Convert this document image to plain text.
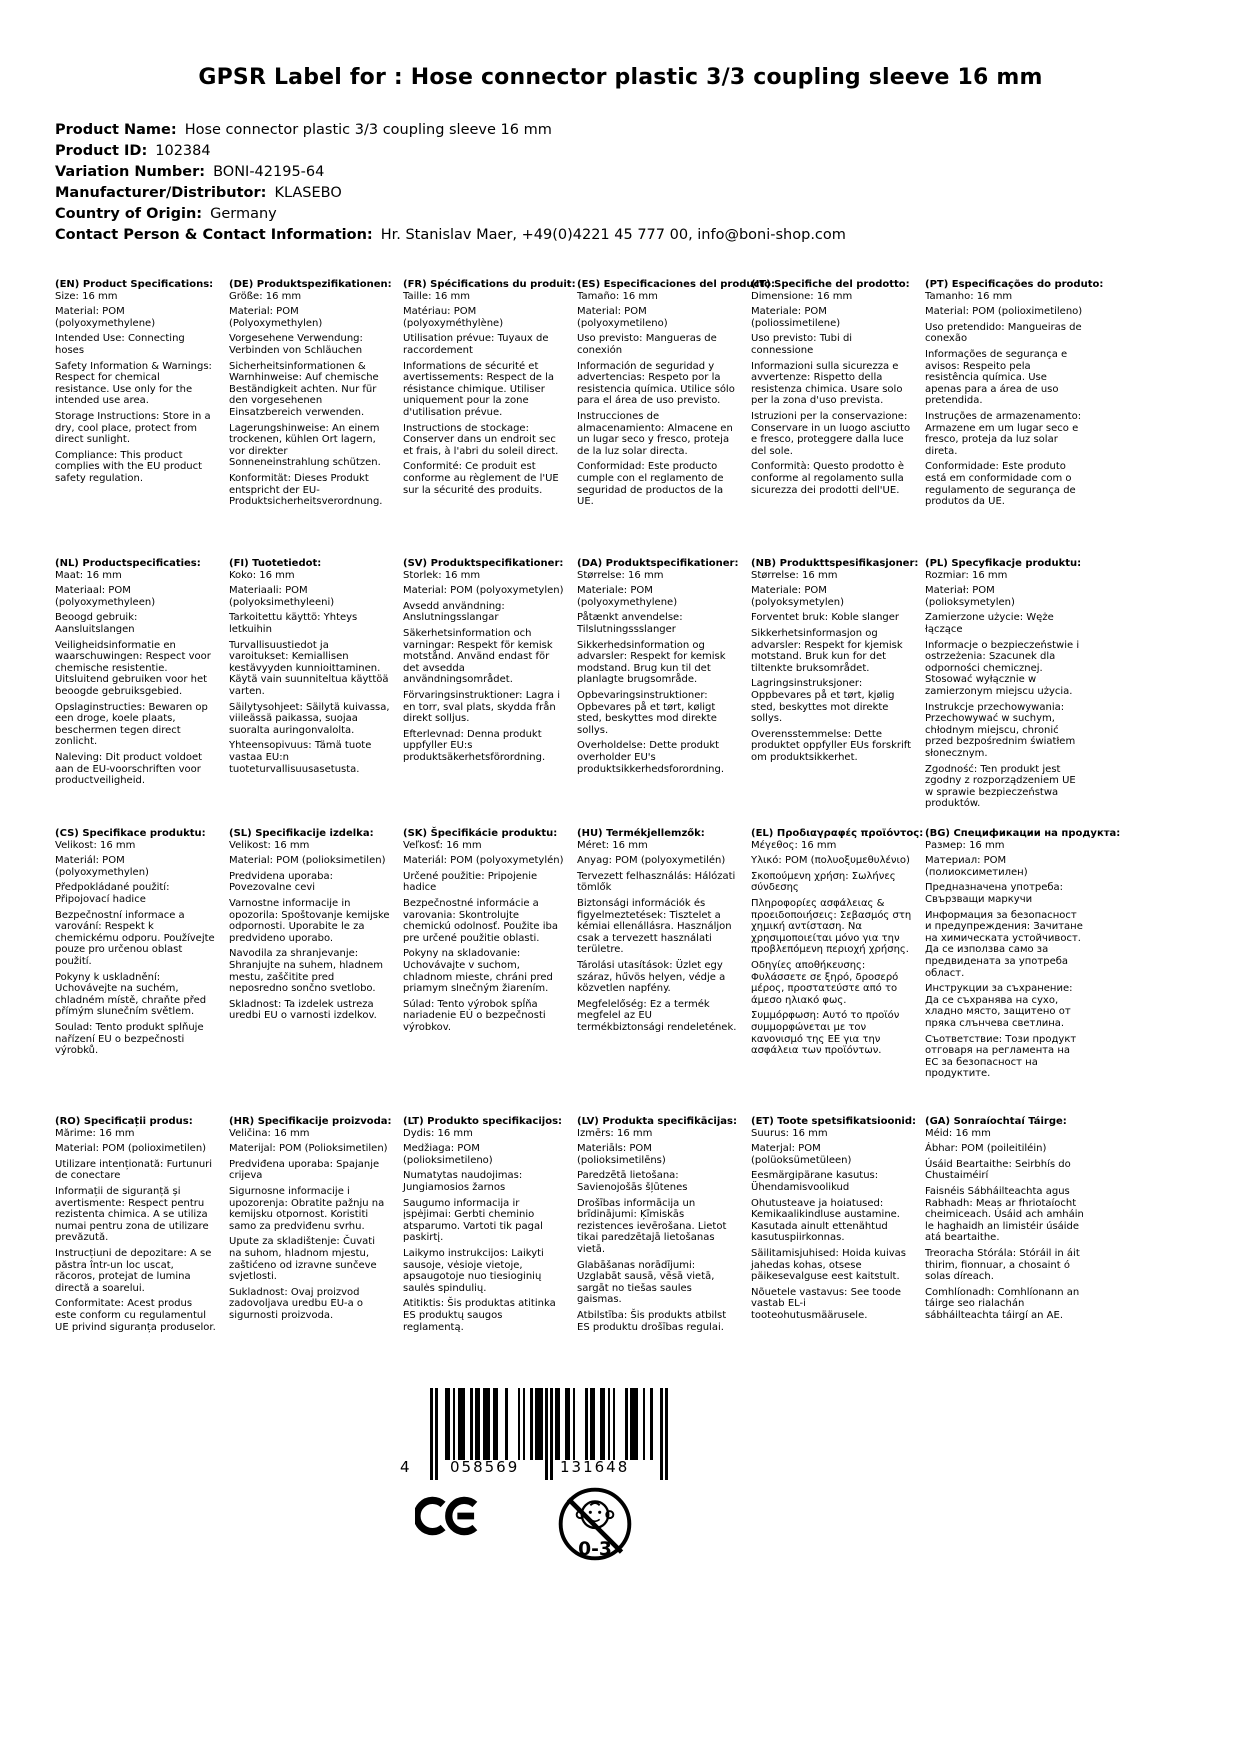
GPSR Label for : Hose connector plastic 3/3 coupling sleeve 16 mm
Product Name: Hose connector plastic 3/3 coupling sleeve 16 mm
Product ID: 102384
Variation Number: BONI-42195-64
Manufacturer/Distributor: KLASEBO
Country of Origin: Germany
Contact Person & Contact Information: Hr. Stanislav Maer, +49(0)4221 45 777 00, info@boni-shop.com
(EN) Product Specifications:

Size: 16 mm

Material: POM (polyoxymethylene)

Intended Use: Connecting hoses

Safety Information & Warnings: Respect for chemical resistance. Use only for the intended use area.

Storage Instructions: Store in a dry, cool place, protect from direct sunlight.

Compliance: This product complies with the EU product safety regulation.

(DE) Produktspezifikationen:

Größe: 16 mm

Material: POM (Polyoxymethylen)

Vorgesehene Verwendung: Verbinden von Schläuchen

Sicherheitsinformationen & Warnhinweise: Auf chemische Beständigkeit achten. Nur für den vorgesehenen Einsatzbereich verwenden.

Lagerungshinweise: An einem trockenen, kühlen Ort lagern, vor direkter Sonneneinstrahlung schützen.

Konformität: Dieses Produkt entspricht der EU-Produktsicherheitsverordnung.

(FR) Spécifications du produit:

Taille: 16 mm

Matériau: POM (polyoxyméthylène)

Utilisation prévue: Tuyaux de raccordement

Informations de sécurité et avertissements: Respect de la résistance chimique. Utiliser uniquement pour la zone d'utilisation prévue.

Instructions de stockage: Conserver dans un endroit sec et frais, à l'abri du soleil direct.

Conformité: Ce produit est conforme au règlement de l'UE sur la sécurité des produits.

(ES) Especificaciones del producto:

Tamaño: 16 mm

Material: POM (polyoxymetileno)

Uso previsto: Mangueras de conexión

Información de seguridad y advertencias: Respeto por la resistencia química. Utilice sólo para el área de uso previsto.

Instrucciones de almacenamiento: Almacene en un lugar seco y fresco, proteja de la luz solar directa.

Conformidad: Este producto cumple con el reglamento de seguridad de productos de la UE.

(IT) Specifiche del prodotto:

Dimensione: 16 mm

Materiale: POM (poliossimetilene)

Uso previsto: Tubi di connessione

Informazioni sulla sicurezza e avvertenze: Rispetto della resistenza chimica. Usare solo per la zona d'uso prevista.

Istruzioni per la conservazione: Conservare in un luogo asciutto e fresco, proteggere dalla luce del sole.

Conformità: Questo prodotto è conforme al regolamento sulla sicurezza dei prodotti dell'UE.

(PT) Especificações do produto:

Tamanho: 16 mm

Material: POM (polioximetileno)

Uso pretendido: Mangueiras de conexão

Informações de segurança e avisos: Respeito pela resistência química. Use apenas para a área de uso pretendida.

Instruções de armazenamento: Armazene em um lugar seco e fresco, proteja da luz solar direta.

Conformidade: Este produto está em conformidade com o regulamento de segurança de produtos da UE.

(NL) Productspecificaties:

Maat: 16 mm

Materiaal: POM (polyoxymethyleen)

Beoogd gebruik: Aansluitslangen

Veiligheidsinformatie en waarschuwingen: Respect voor chemische resistentie. Uitsluitend gebruiken voor het beoogde gebruiksgebied.

Opslaginstructies: Bewaren op een droge, koele plaats, beschermen tegen direct zonlicht.

Naleving: Dit product voldoet aan de EU-voorschriften voor productveiligheid.

(FI) Tuotetiedot:

Koko: 16 mm

Materiaali: POM (polyoksimethyleeni)

Tarkoitettu käyttö: Yhteys letkuihin

Turvallisuustiedot ja varoitukset: Kemiallisen kestävyyden kunnioittaminen. Käytä vain suunniteltua käyttöä varten.

Säilytysohjeet: Säilytä kuivassa, viileässä paikassa, suojaa suoralta auringonvalolta.

Yhteensopivuus: Tämä tuote vastaa EU:n tuoteturvallisuusasetusta.

(SV) Produktspecifikationer:

Storlek: 16 mm

Material: POM (polyoxymetylen)

Avsedd användning: Anslutningsslangar

Säkerhetsinformation och varningar: Respekt för kemisk motstånd. Använd endast för det avsedda användningsområdet.

Förvaringsinstruktioner: Lagra i en torr, sval plats, skydda från direkt solljus.

Efterlevnad: Denna produkt uppfyller EU:s produktsäkerhetsförordning.

(DA) Produktspecifikationer:

Størrelse: 16 mm

Materiale: POM (polyoxymethylene)

Påtænkt anvendelse: Tilslutningssslanger

Sikkerhedsinformation og advarsler: Respekt for kemisk modstand. Brug kun til det planlagte brugsområde.

Opbevaringsinstruktioner: Opbevares på et tørt, køligt sted, beskyttes mod direkte sollys.

Overholdelse: Dette produkt overholder EU's produktsikkerhedsforordning.

(NB) Produkttspesifikasjoner:

Størrelse: 16 mm

Materiale: POM (polyoksymetylen)

Forventet bruk: Koble slanger

Sikkerhetsinformasjon og advarsler: Respekt for kjemisk motstand. Bruk kun for det tiltenkte bruksområdet.

Lagringsinstruksjoner: Oppbevares på et tørt, kjølig sted, beskyttes mot direkte sollys.

Overensstemmelse: Dette produktet oppfyller EUs forskrift om produktsikkerhet.

(PL) Specyfikacje produktu:

Rozmiar: 16 mm

Materiał: POM (polioksymetylen)

Zamierzone użycie: Węże łączące

Informacje o bezpieczeństwie i ostrzeżenia: Szacunek dla odporności chemicznej. Stosować wyłącznie w zamierzonym miejscu użycia.

Instrukcje przechowywania: Przechowywać w suchym, chłodnym miejscu, chronić przed bezpośrednim światłem słonecznym.

Zgodność: Ten produkt jest zgodny z rozporządzeniem UE w sprawie bezpieczeństwa produktów.

(CS) Specifikace produktu:

Velikost: 16 mm

Materiál: POM (polyoxymethylen)

Předpokládané použití: Připojovací hadice

Bezpečnostní informace a varování: Respekt k chemickému odporu. Používejte pouze pro určenou oblast použití.

Pokyny k uskladnění: Uchovávejte na suchém, chladném místě, chraňte před přímým slunečním světlem.

Soulad: Tento produkt splňuje nařízení EU o bezpečnosti výrobků.

(SL) Specifikacije izdelka:

Velikost: 16 mm

Material: POM (polioksimetilen)

Predvidena uporaba: Povezovalne cevi

Varnostne informacije in opozorila: Spoštovanje kemijske odpornosti. Uporabite le za predvideno uporabo.

Navodila za shranjevanje: Shranjujte na suhem, hladnem mestu, zaščitite pred neposredno sončno svetlobo.

Skladnost: Ta izdelek ustreza uredbi EU o varnosti izdelkov.

(SK) Špecifikácie produktu:

Veľkosť: 16 mm

Materiál: POM (polyoxymetylén)

Určené použitie: Pripojenie hadice

Bezpečnostné informácie a varovania: Skontrolujte chemickú odolnosť. Použite iba pre určené použitie oblasti.

Pokyny na skladovanie: Uchovávajte v suchom, chladnom mieste, chráni pred priamym slnečným žiarením.

Súlad: Tento výrobok spĺňa nariadenie EÚ o bezpečnosti výrobkov.

(HU) Termékjellemzők:

Méret: 16 mm

Anyag: POM (polyoxymetilén)

Tervezett felhasználás: Hálózati tömlők

Biztonsági információk és figyelmeztetések: Tisztelet a kémiai ellenállásra. Használjon csak a tervezett használati területre.

Tárolási utasítások: Üzlet egy száraz, hűvös helyen, védje a közvetlen napfény.

Megfelelőség: Ez a termék megfelel az EU termékbiztonsági rendeletének.

(EL) Προδιαγραφές προϊόντος:

Μέγεθος: 16 mm

Υλικό: POM (πολυοξυμεθυλένιο)

Σκοπούμενη χρήση: Σωλήνες σύνδεσης

Πληροφορίες ασφάλειας & προειδοποιήσεις: Σεβασμός στη χημική αντίσταση. Να χρησιμοποιείται μόνο για την προβλεπόμενη περιοχή χρήσης.

Οδηγίες αποθήκευσης: Φυλάσσετε σε ξηρό, δροσερό μέρος, προστατεύστε από το άμεσο ηλιακό φως.

Συμμόρφωση: Αυτό το προϊόν συμμορφώνεται με τον κανονισμό της ΕΕ για την ασφάλεια των προϊόντων.

(BG) Спецификации на продукта:

Размер: 16 mm

Материал: POM (полиоксиметилен)

Предназначена употреба: Свързващи маркучи

Информация за безопасност и предупреждения: Зачитане на химическата устойчивост. Да се използва само за предвидената за употреба област.

Инструкции за съхранение: Да се съхранява на сухо, хладно място, защитено от пряка слънчева светлина.

Съответствие: Този продукт отговаря на регламента на ЕС за безопасност на продуктите.

(RO) Specificații produs:

Mărime: 16 mm

Material: POM (polioximetilen)

Utilizare intenționată: Furtunuri de conectare

Informații de siguranță și avertismente: Respect pentru rezistenta chimica. A se utiliza numai pentru zona de utilizare prevăzută.

Instrucțiuni de depozitare: A se păstra într-un loc uscat, răcoros, protejat de lumina directă a soarelui.

Conformitate: Acest produs este conform cu regulamentul UE privind siguranța produselor.

(HR) Specifikacije proizvoda:

Veličina: 16 mm

Materijal: POM (Polioksimetilen)

Predviđena uporaba: Spajanje crijeva

Sigurnosne informacije i upozorenja: Obratite pažnju na kemijsku otpornost. Koristiti samo za predviđenu svrhu.

Upute za skladištenje: Čuvati na suhom, hladnom mjestu, zaštićeno od izravne sunčeve svjetlosti.

Sukladnost: Ovaj proizvod zadovoljava uredbu EU-a o sigurnosti proizvoda.

(LT) Produkto specifikacijos:

Dydis: 16 mm

Medžiaga: POM (polioksimetileno)

Numatytas naudojimas: Jungiamosios žarnos

Saugumo informacija ir įspėjimai: Gerbti cheminio atsparumo. Vartoti tik pagal paskirtį.

Laikymo instrukcijos: Laikyti sausoje, vėsioje vietoje, apsaugotoje nuo tiesioginių saulės spindulių.

Atitiktis: Šis produktas atitinka ES produktų saugos reglamentą.

(LV) Produkta specifikācijas:

Izmērs: 16 mm

Materiāls: POM (polioksimetilēns)

Paredzētā lietošana: Savienojošās šļūtenes

Drošības informācija un brīdinājumi: Ķīmiskās rezistences ievērošana. Lietot tikai paredzētajā lietošanas vietā.

Glabāšanas norādījumi: Uzglabāt sausā, vēsā vietā, sargāt no tiešas saules gaismas.

Atbilstība: Šis produkts atbilst ES produktu drošības regulai.

(ET) Toote spetsifikatsioonid:

Suurus: 16 mm

Materjal: POM (polüoksümetüleen)

Eesmärgipärane kasutus: Ühendamisvoolikud

Ohutusteave ja hoiatused: Kemikaalikindluse austamine. Kasutada ainult ettenähtud kasutuspiirkonnas.

Säilitamisjuhised: Hoida kuivas jahedas kohas, otsese päikesevalguse eest kaitstult.

Nõuetele vastavus: See toode vastab EL-i tooteohutusmäärusele.

(GA) Sonraíochtaí Táirge:

Méid: 16 mm

Ábhar: POM (poileitiléin)

Úsáid Beartaithe: Seirbhís do Chustaiméirí

Faisnéis Sábháilteachta agus Rabhadh: Meas ar fhriotaíocht cheimiceach. Úsáid ach amháin le haghaidh an limistéir úsáide atá beartaithe.

Treoracha Stórála: Stóráil in áit thirim, fionnuar, a chosaint ó solas díreach.

Comhlíonadh: Comhlíonann an táirge seo rialachán sábháilteachta táirgí an AE.

4	058569	131648
0-3
